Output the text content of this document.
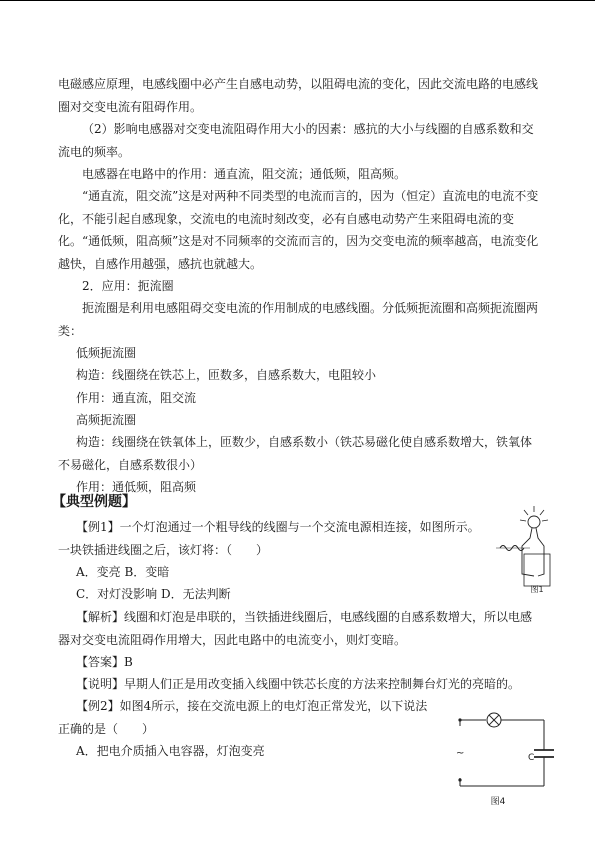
电磁感应原理，电感线圈中必产生自感电动势，以阻碍电流的变化，因此交流电路的电感线圈对交变电流有阻碍作用。

（2）影响电感器对交变电流阻碍作用大小的因素：感抗的大小与线圈的自感系数和交流电的频率。

电感器在电路中的作用：通直流，阻交流；通低频，阻高频。

“通直流，阻交流”这是对两种不同类型的电流而言的，因为（恒定）直流电的电流不变化，不能引起自感现象，交流电的电流时刻改变，必有自感电动势产生来阻碍电流的变化。“通低频，阻高频”这是对不同频率的交流而言的，因为交变电流的频率越高，电流变化越快，自感作用越强，感抗也就越大。

2．应用：扼流圈

扼流圈是利用电感阻碍交变电流的作用制成的电感线圈。分低频扼流圈和高频扼流圈两类：

低频扼流圈

构造：线圈绕在铁芯上，匝数多，自感系数大，电阻较小

作用：通直流，阻交流

高频扼流圈

构造：线圈绕在铁氧体上，匝数少，自感系数小（铁芯易磁化使自感系数增大，铁氧体不易磁化，自感系数很小）

作用：通低频，阻高频

【典型例题】

【例1】一个灯泡通过一个粗导线的线圈与一个交流电源相连接，如图所示。一块铁插进线圈之后，该灯将：（　　）

A．变亮 B．变暗

C．对灯没影响 D．无法判断

【解析】线圈和灯泡是串联的，当铁插进线圈后，电感线圈的自感系数增大，所以电感器对交变电流阻碍作用增大，因此电路中的电流变小，则灯变暗。

【答案】B

【说明】早期人们正是用改变插入线圈中铁芯长度的方法来控制舞台灯光的亮暗的。

【例2】如图4所示，接在交流电源上的电灯泡正常发光，以下说法正确的是（　　）

A．把电介质插入电容器，灯泡变亮

图1
C
~
图4
